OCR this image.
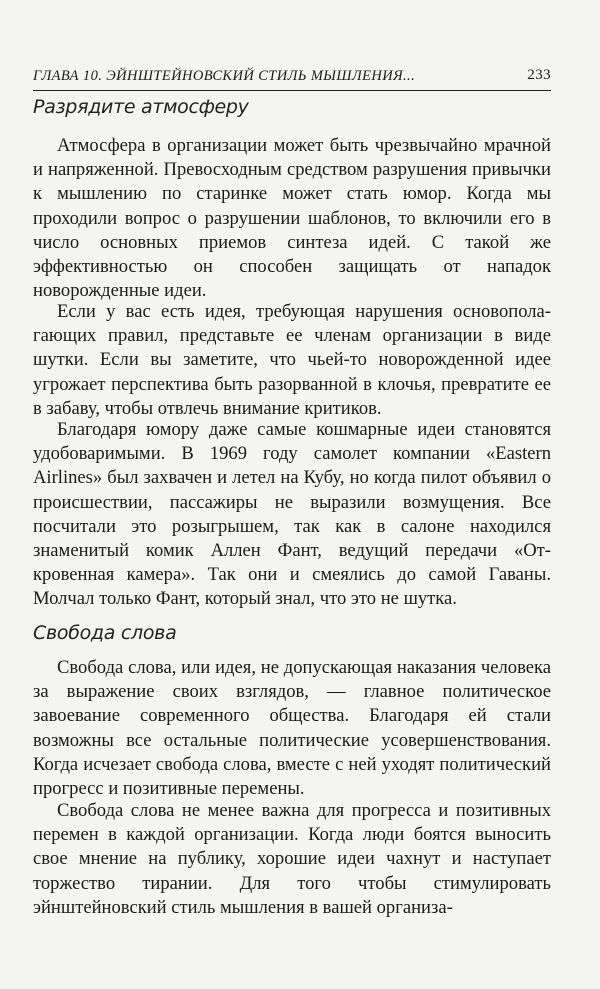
ГЛАВА 10. ЭЙНШТЕЙНОВСКИЙ СТИЛЬ МЫШЛЕНИЯ...	233
Разрядите атмосферу

Атмосфера в организации может быть чрезвычайно мрачной и напряженной. Превосходным средством разрушения привычки к мышлению по старинке может стать юмор. Когда мы проходили вопрос о разрушении шаблонов, то включили его в число основных приемов синтеза идей. С такой же эффективностью он способен защищать от нападок новорожденные идеи.

Если у вас есть идея, требующая нарушения основополагающих правил, представьте ее членам организации в виде шутки. Если вы заметите, что чьей-то новорожденной идее угрожает перспектива быть разорванной в клочья, превратите ее в забаву, чтобы отвлечь внимание критиков.

Благодаря юмору даже самые кошмарные идеи становятся удобоваримыми. В 1969 году самолет компании «Eastern Airlines» был захвачен и летел на Кубу, но когда пилот объявил о происшествии, пассажиры не выразили возмущения. Все посчитали это розыгрышем, так как в салоне находился знаменитый комик Аллен Фант, ведущий передачи «Откровенная камера». Так они и смеялись до самой Гаваны. Молчал только Фант, который знал, что это не шутка.

Свобода слова

Свобода слова, или идея, не допускающая наказания человека за выражение своих взглядов, — главное политическое завоевание современного общества. Благодаря ей стали возможны все остальные политические усовершенствования. Когда исчезает свобода слова, вместе с ней уходят политический прогресс и позитивные перемены.

Свобода слова не менее важна для прогресса и позитивных перемен в каждой организации. Когда люди боятся выносить свое мнение на публику, хорошие идеи чахнут и наступает торжество тирании. Для того чтобы стимулировать эйнштейновский стиль мышления в вашей организа-
